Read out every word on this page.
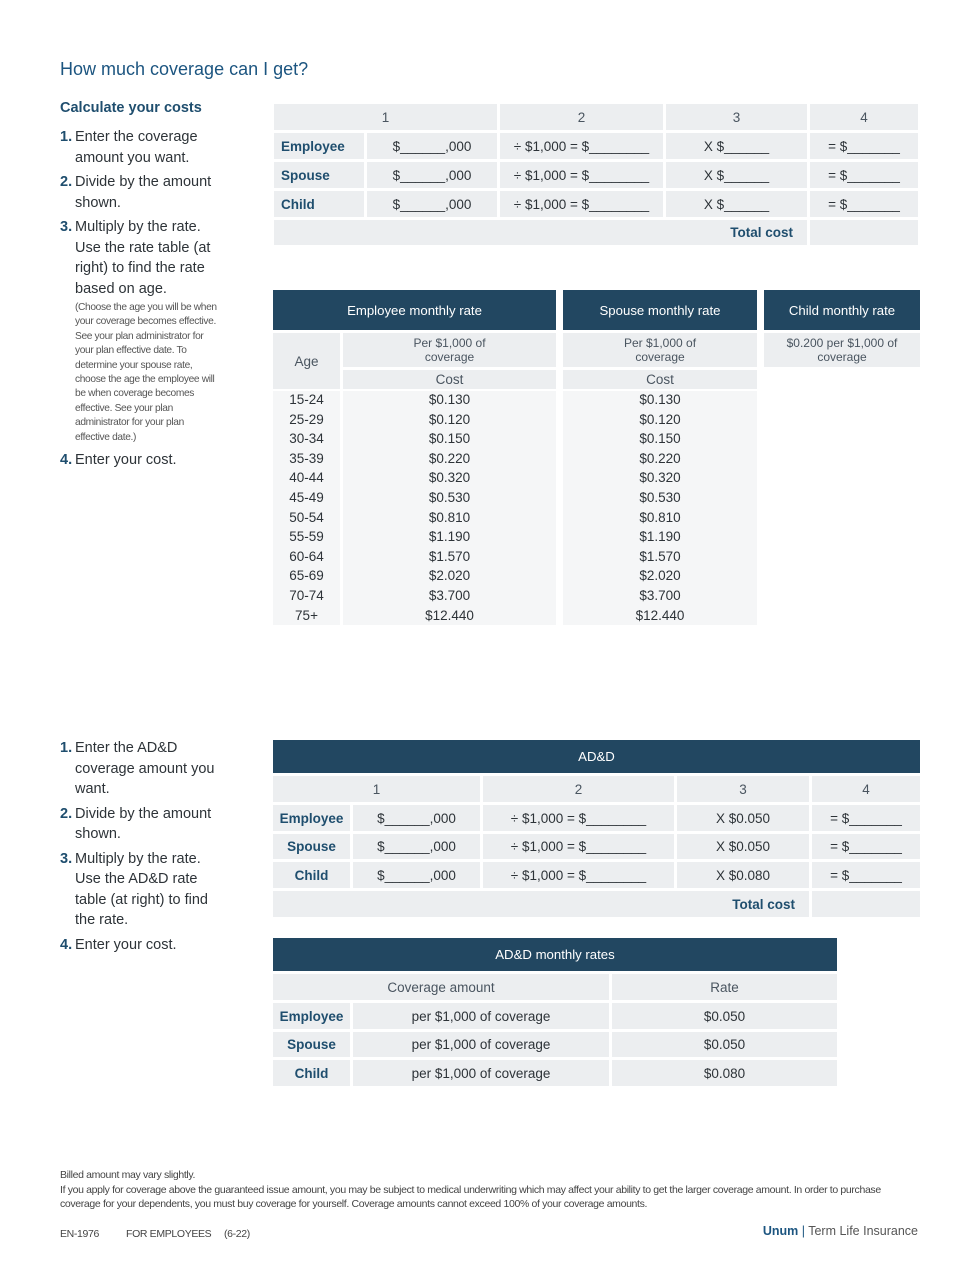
How much coverage can I get?
Calculate your costs
1. Enter the coverage amount you want.
2. Divide by the amount shown.
3. Multiply by the rate. Use the rate table (at right) to find the rate based on age.
(Choose the age you will be when your coverage becomes effective. See your plan administrator for your plan effective date. To determine your spouse rate, choose the age the employee will be when coverage becomes effective. See your plan administrator for your plan effective date.)
4. Enter your cost.
1	2	3	4
Employee	$______,000	÷ $1,000 = $________	X $______	= $_______
Spouse	$______,000	÷ $1,000 = $________	X $______	= $_______
Child	$______,000	÷ $1,000 = $________	X $______	= $_______
Total cost
Employee monthly rate	Spouse monthly rate	Child monthly rate
Age
Per $1,000 of coverage
Cost
Per $1,000 of coverage
Cost
$0.200 per $1,000 of coverage
15-24	$0.130	$0.130
25-29	$0.120	$0.120
30-34	$0.150	$0.150
35-39	$0.220	$0.220
40-44	$0.320	$0.320
45-49	$0.530	$0.530
50-54	$0.810	$0.810
55-59	$1.190	$1.190
60-64	$1.570	$1.570
65-69	$2.020	$2.020
70-74	$3.700	$3.700
75+	$12.440	$12.440
1. Enter the AD&D coverage amount you want.
2. Divide by the amount shown.
3. Multiply by the rate. Use the AD&D rate table (at right) to find the rate.
4. Enter your cost.
AD&D
1	2	3	4
Employee	$______,000	÷ $1,000 = $________	X $0.050	= $_______
Spouse	$______,000	÷ $1,000 = $________	X $0.050	= $_______
Child	$______,000	÷ $1,000 = $________	X $0.080	= $_______
Total cost
AD&D monthly rates
Coverage amount	Rate
Employee	per $1,000 of coverage	$0.050
Spouse	per $1,000 of coverage	$0.050
Child	per $1,000 of coverage	$0.080
Billed amount may vary slightly.
If you apply for coverage above the guaranteed issue amount, you may be subject to medical underwriting which may affect your ability to get the larger coverage amount. In order to purchase coverage for your dependents, you must buy coverage for yourself. Coverage amounts cannot exceed 100% of your coverage amounts.
EN-1976	FOR EMPLOYEES (6-22)	Unum | Term Life Insurance
